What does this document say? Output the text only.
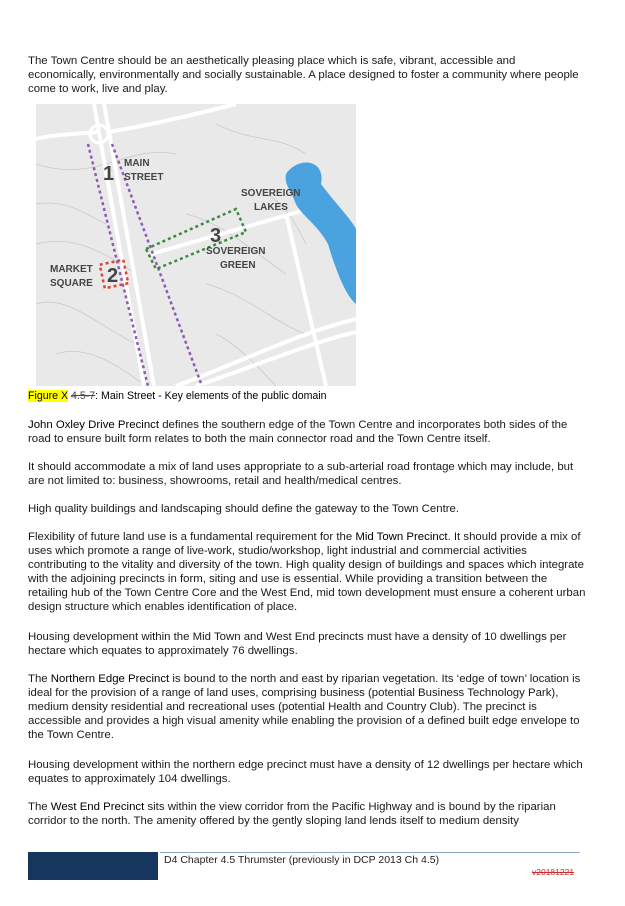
The Town Centre should be an aesthetically pleasing place which is safe, vibrant, accessible and economically, environmentally and socially sustainable. A place designed to foster a community where people come to work, live and play.

1
2
3
MAIN
STREET
SOVEREIGN
LAKES
SOVEREIGN
GREEN
MARKET
SQUARE
Figure X 4.5-7: Main Street - Key elements of the public domain

John Oxley Drive Precinct defines the southern edge of the Town Centre and incorporates both sides of the road to ensure built form relates to both the main connector road and the Town Centre itself.

It should accommodate a mix of land uses appropriate to a sub-arterial road frontage which may include, but are not limited to: business, showrooms, retail and health/medical centres.

High quality buildings and landscaping should define the gateway to the Town Centre.

Flexibility of future land use is a fundamental requirement for the Mid Town Precinct. It should provide a mix of uses which promote a range of live-work, studio/workshop, light industrial and commercial activities contributing to the vitality and diversity of the town. High quality design of buildings and spaces which integrate with the adjoining precincts in form, siting and use is essential. While providing a transition between the retailing hub of the Town Centre Core and the West End, mid town development must ensure a coherent urban design structure which enables identification of place.

Housing development within the Mid Town and West End precincts must have a density of 10 dwellings per hectare which equates to approximately 76 dwellings.

The Northern Edge Precinct is bound to the north and east by riparian vegetation. Its ‘edge of town’ location is ideal for the provision of a range of land uses, comprising business (potential Business Technology Park), medium density residential and recreational uses (potential Health and Country Club). The precinct is accessible and provides a high visual amenity while enabling the provision of a defined built edge envelope to the Town Centre.

Housing development within the northern edge precinct must have a density of 12 dwellings per hectare which equates to approximately 104 dwellings.

The West End Precinct sits within the view corridor from the Pacific Highway and is bound by the riparian corridor to the north. The amenity offered by the gently sloping land lends itself to medium density

D4 Chapter 4.5 Thrumster (previously in DCP 2013 Ch 4.5)
v20181221
